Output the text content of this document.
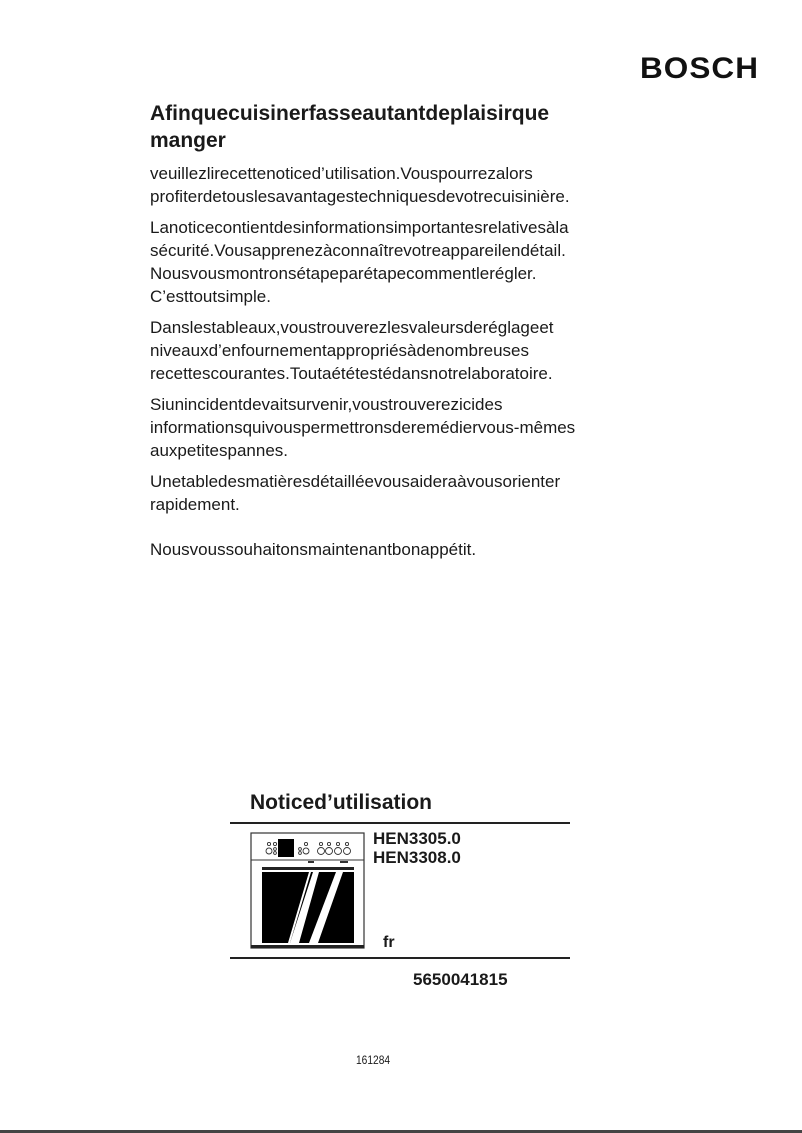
BOSCH
Afinquecuisinerfasseautantdeplaisirque
manger

veuillezlirecettenoticed’utilisation.Vouspourrezalors
profiterdetouslesavantagestechniquesdevotrecuisinière.

Lanoticecontientdesinformationsimportantesrelativesàla
sécurité.Vousapprenezàconnaîtrevotreappareilendétail.
Nousvousmontronsétapeparétapecommentlerégler.
C’esttoutsimple.

Danslestableaux,voustrouverezlesvaleursderéglageet
niveauxd’enfournementappropriésàdenombreuses
recettescourantes.Toutaététestédansnotrelaboratoire.

Siunincidentdevaitsurvenir,voustrouverezicides
informationsquivouspermettronsderemédiervous-mêmes
auxpetitespannes.

Unetabledesmatièresdétailléevousaideraàvousorienter
rapidement.

Nousvoussouhaitonsmaintenantbonappétit.

Noticed’utilisation
HEN3305.0
HEN3308.0
fr
5650041815
161284
